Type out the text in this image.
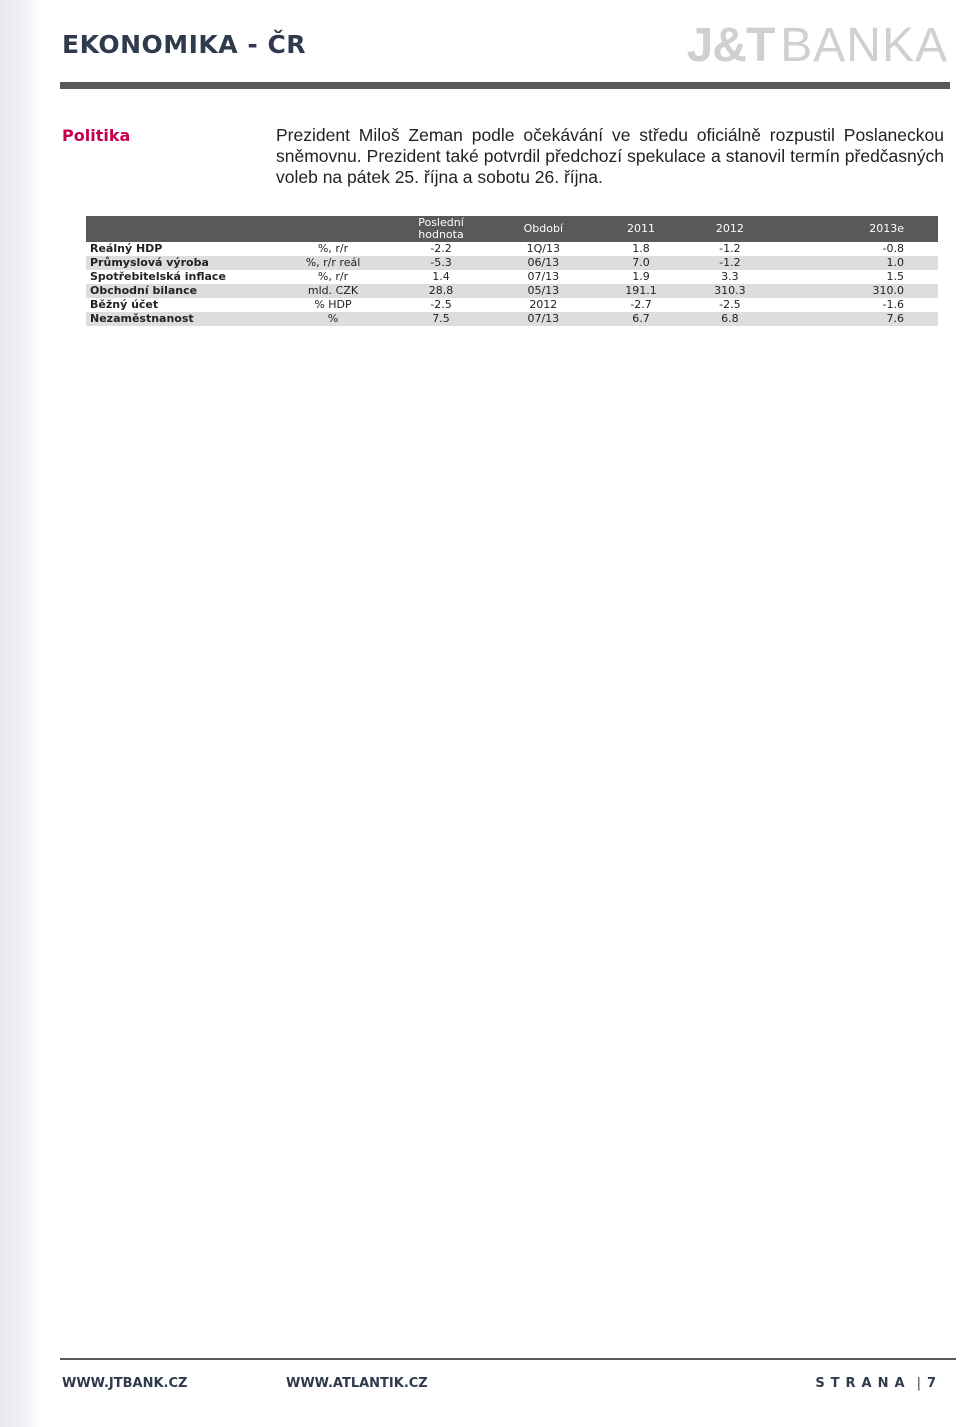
EKONOMIKA - ČR	J&T BANKA
Politika	Prezident Miloš Zeman podle očekávání ve středu oficiálně rozpustil Poslaneckou sněmovnu. Prezident také potvrdil předchozí spekulace a stanovil termín předčasných voleb na pátek 25. října a sobotu 26. října.
		Poslední hodnota	Období	2011	2012	2013e
Reálný HDP	%, r/r	-2.2	1Q/13	1.8	-1.2	-0.8
Průmyslová výroba	%, r/r reál	-5.3	06/13	7.0	-1.2	1.0
Spotřebitelská inflace	%, r/r	1.4	07/13	1.9	3.3	1.5
Obchodní bilance	mld. CZK	28.8	05/13	191.1	310.3	310.0
Běžný účet	% HDP	-2.5	2012	-2.7	-2.5	-1.6
Nezaměstnanost	%	7.5	07/13	6.7	6.8	7.6
WWW.JTBANK.CZ	WWW.ATLANTIK.CZ	STRANA | 7
